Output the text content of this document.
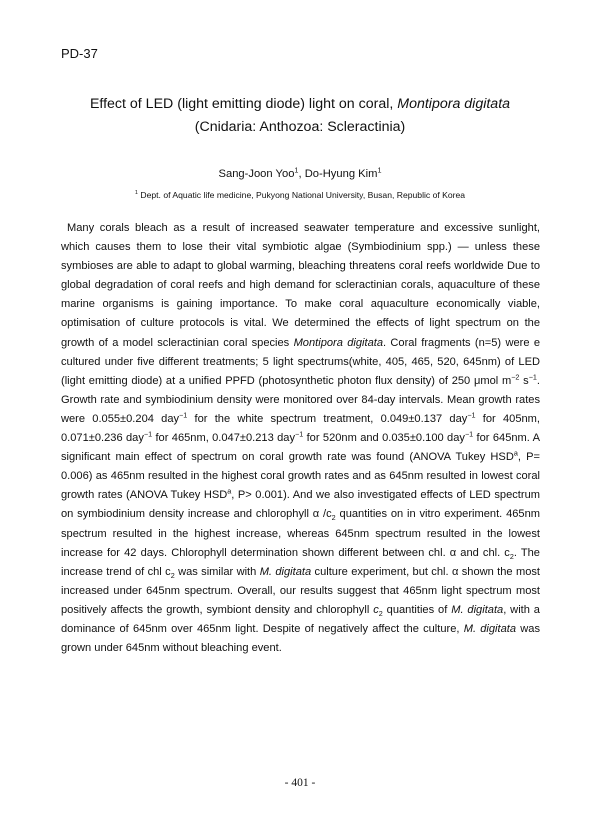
PD-37
Effect of LED (light emitting diode) light on coral, Montipora digitata (Cnidaria: Anthozoa: Scleractinia)
Sang-Joon Yoo$^1$, Do-Hyung Kim$^1$
$^1$ Dept. of Aquatic life medicine, Pukyong National University, Busan, Republic of Korea

Many corals bleach as a result of increased seawater temperature and excessive sunlight, which causes them to lose their vital symbiotic algae (Symbiodinium spp.) — unless these symbioses are able to adapt to global warming, bleaching threatens coral reefs worldwide Due to global degradation of coral reefs and high demand for scleractinian corals, aquaculture of these marine organisms is gaining importance. To make coral aquaculture economically viable, optimisation of culture protocols is vital. We determined the effects of light spectrum on the growth of a model scleractinian coral species Montipora digitata. Coral fragments (n=5) were e cultured under five different treatments; 5 light spectrums(white, 405, 465, 520, 645nm) of LED (light emitting diode) at a unified PPFD (photosynthetic photon flux density) of 250 μmol $m^{-2}$ $s^{-1}$. Growth rate and symbiodinium density were monitored over 84-day intervals. Mean growth rates were 0.055±0.204 day$^{-1}$ for the white spectrum treatment, 0.049±0.137 day$^{-1}$ for 405nm, 0.071±0.236 day$^{-1}$ for 465nm, 0.047±0.213 day$^{-1}$ for 520nm and 0.035±0.100 day$^{-1}$ for 645nm. A significant main effect of spectrum on coral growth rate was found (ANOVA Tukey HSD$^a$, P= 0.006) as 465nm resulted in the highest coral growth rates and as 645nm resulted in lowest coral growth rates (ANOVA Tukey HSD$^a$, P> 0.001). And we also investigated effects of LED spectrum on symbiodinium density increase and chlorophyll α $/c_2$ quantities on in vitro experiment. 465nm spectrum resulted in the highest increase, whereas 645nm spectrum resulted in the lowest increase for 42 days. Chlorophyll determination shown different between chl. α and chl. $c_2$. The increase trend of chl $c_2$ was similar with M. digitata culture experiment, but chl. α shown the most increased under 645nm spectrum. Overall, our results suggest that 465nm light spectrum most positively affects the growth, symbiont density and chlorophyll $c_2$ quantities of M. digitata, with a dominance of 645nm over 465nm light. Despite of negatively affect the culture, M. digitata was grown under 645nm without bleaching event.

- 401 -
